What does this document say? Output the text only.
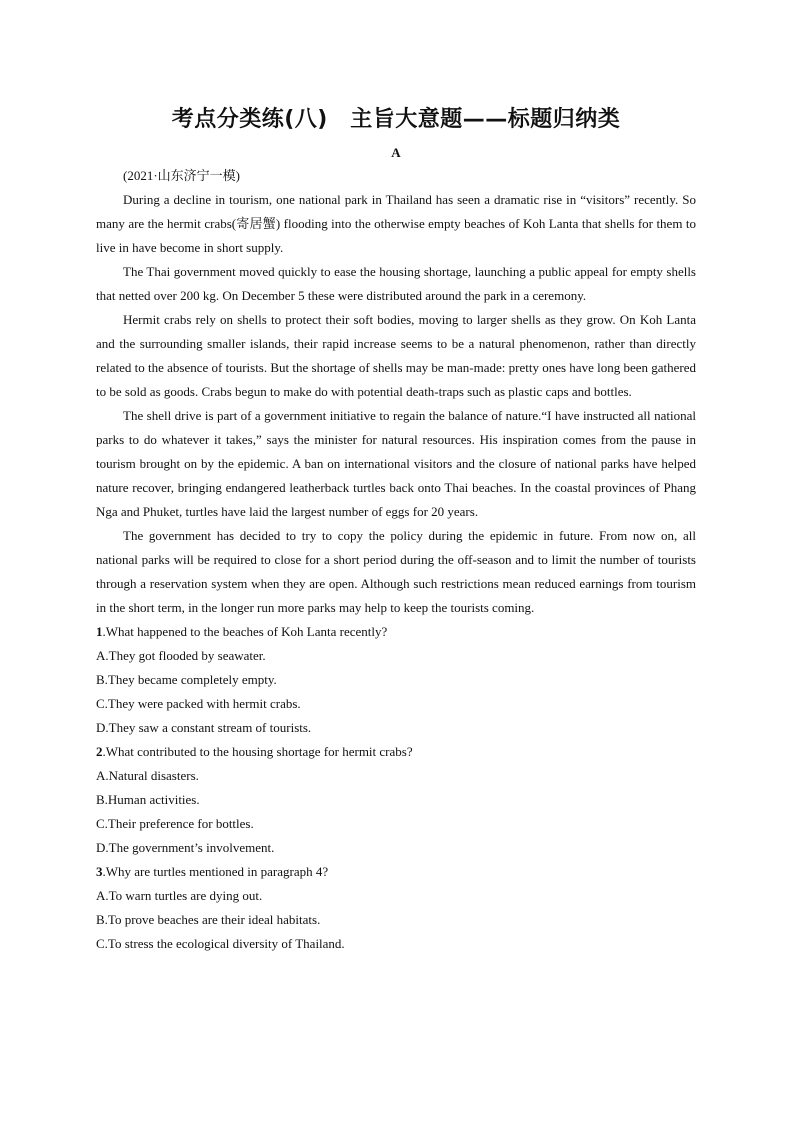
考点分类练(八)　主旨大意题——标题归纳类
A

(2021·山东济宁一模)

During a decline in tourism, one national park in Thailand has seen a dramatic rise in “visitors” recently. So many are the hermit crabs(寄居蟹) flooding into the otherwise empty beaches of Koh Lanta that shells for them to live in have become in short supply.

The Thai government moved quickly to ease the housing shortage, launching a public appeal for empty shells that netted over 200 kg. On December 5 these were distributed around the park in a ceremony.

Hermit crabs rely on shells to protect their soft bodies, moving to larger shells as they grow. On Koh Lanta and the surrounding smaller islands, their rapid increase seems to be a natural phenomenon, rather than directly related to the absence of tourists. But the shortage of shells may be man-made: pretty ones have long been gathered to be sold as goods. Crabs begun to make do with potential death-traps such as plastic caps and bottles.

The shell drive is part of a government initiative to regain the balance of nature.“I have instructed all national parks to do whatever it takes,” says the minister for natural resources. His inspiration comes from the pause in tourism brought on by the epidemic. A ban on international visitors and the closure of national parks have helped nature recover, bringing endangered leatherback turtles back onto Thai beaches. In the coastal provinces of Phang Nga and Phuket, turtles have laid the largest number of eggs for 20 years.

The government has decided to try to copy the policy during the epidemic in future. From now on, all national parks will be required to close for a short period during the off-season and to limit the number of tourists through a reservation system when they are open. Although such restrictions mean reduced earnings from tourism in the short term, in the longer run more parks may help to keep the tourists coming.

1.What happened to the beaches of Koh Lanta recently?

A.They got flooded by seawater.

B.They became completely empty.

C.They were packed with hermit crabs.

D.They saw a constant stream of tourists.

2.What contributed to the housing shortage for hermit crabs?

A.Natural disasters.

B.Human activities.

C.Their preference for bottles.

D.The government’s involvement.

3.Why are turtles mentioned in paragraph 4?

A.To warn turtles are dying out.

B.To prove beaches are their ideal habitats.

C.To stress the ecological diversity of Thailand.
